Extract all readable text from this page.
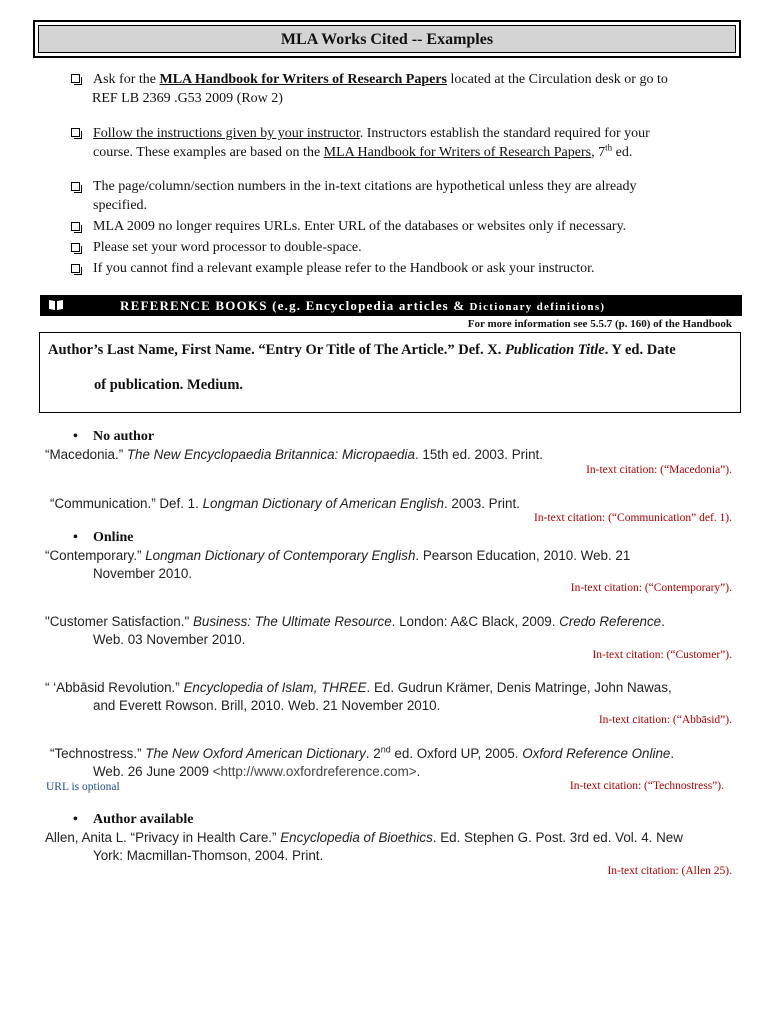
MLA Works Cited -- Examples
Ask for the MLA Handbook for Writers of Research Papers located at the Circulation desk or go to
REF LB 2369 .G53 2009 (Row 2)
Follow the instructions given by your instructor. Instructors establish the standard required for your
course. These examples are based on the MLA Handbook for Writers of Research Papers, 7th ed.
The page/column/section numbers in the in-text citations are hypothetical unless they are already
specified.
MLA 2009 no longer requires URLs. Enter URL of the databases or websites only if necessary.
Please set your word processor to double-space.
If you cannot find a relevant example please refer to the Handbook or ask your instructor.
REFERENCE BOOKS (e.g. Encyclopedia articles & Dictionary definitions)
For more information see 5.5.7 (p. 160) of the Handbook
Author’s Last Name, First Name. “Entry Or Title of The Article.” Def. X. Publication Title. Y ed. Date
of publication. Medium.
• No author
“Macedonia.” The New Encyclopaedia Britannica: Micropaedia. 15th ed. 2003. Print.
In-text citation: (“Macedonia”).
“Communication.” Def. 1. Longman Dictionary of American English. 2003. Print.
In-text citation: (“Communication” def. 1).
• Online
“Contemporary.” Longman Dictionary of Contemporary English. Pearson Education, 2010. Web. 21
November 2010.
In-text citation: (“Contemporary”).
"Customer Satisfaction." Business: The Ultimate Resource. London: A&C Black, 2009. Credo Reference.
Web. 03 November 2010.
In-text citation: (“Customer”).
“ ‘Abbāsid Revolution.” Encyclopedia of Islam, THREE. Ed. Gudrun Krämer, Denis Matringe, John Nawas,
and Everett Rowson. Brill, 2010. Web. 21 November 2010.
In-text citation: (“Abbāsid”).
“Technostress.” The New Oxford American Dictionary. 2nd ed. Oxford UP, 2005. Oxford Reference Online.
Web. 26 June 2009 <http://www.oxfordreference.com>.
URL is optional	In-text citation: (“Technostress”).
• Author available
Allen, Anita L. “Privacy in Health Care.” Encyclopedia of Bioethics. Ed. Stephen G. Post. 3rd ed. Vol. 4. New
York: Macmillan-Thomson, 2004. Print.
In-text citation: (Allen 25).
